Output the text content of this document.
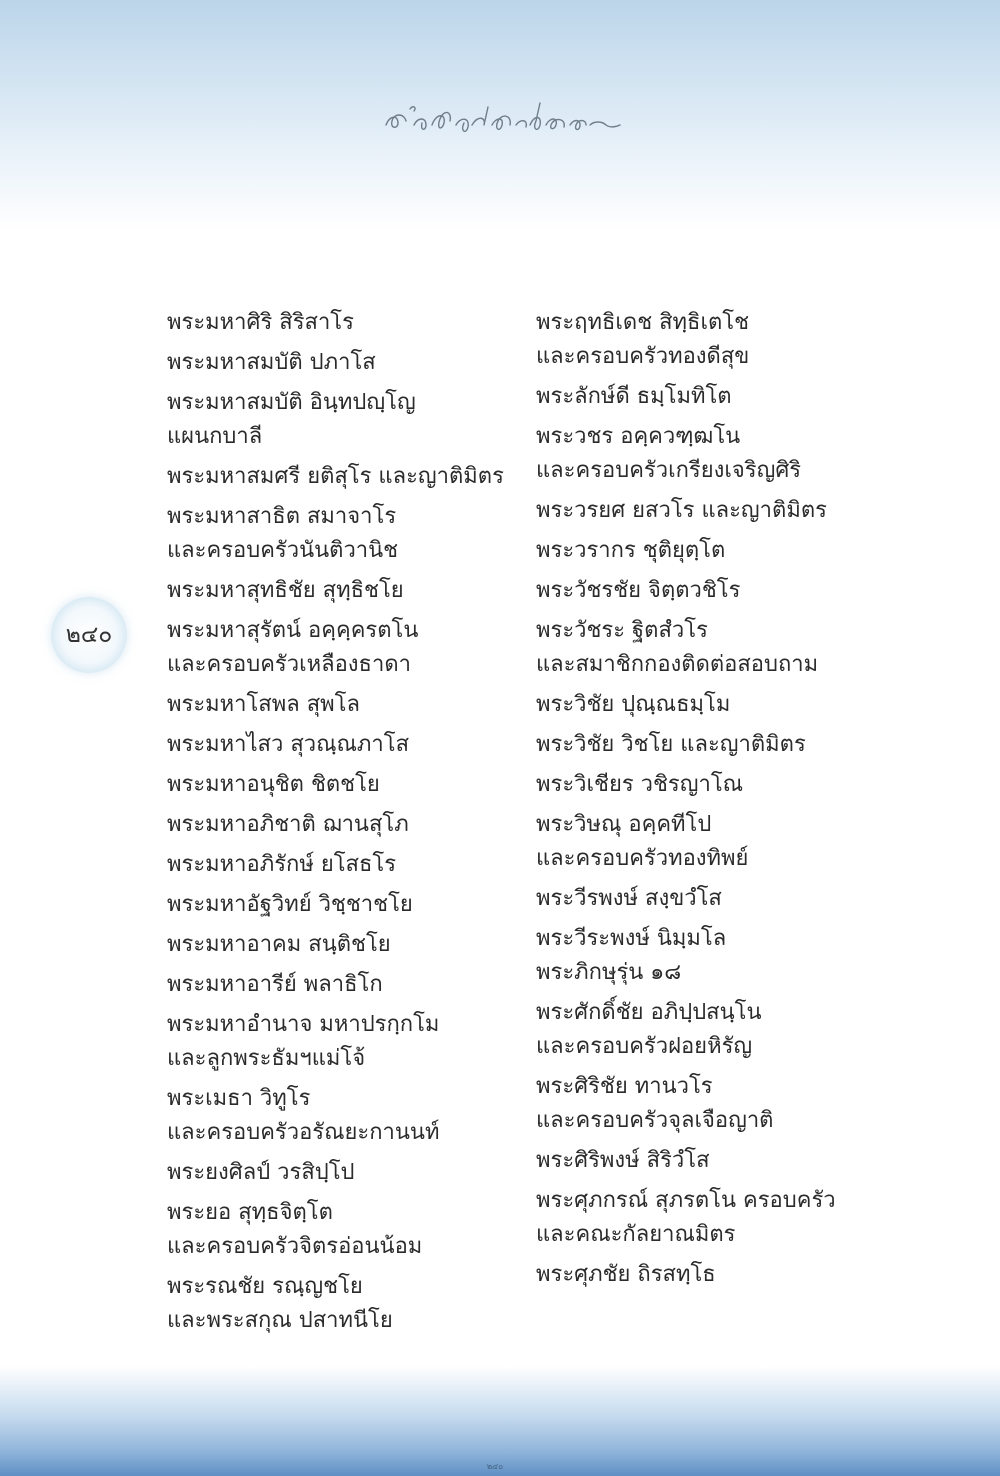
๒๔๐
พระมหาศิริ สิริสาโร
พระมหาสมบัติ ปภาโส
พระมหาสมบัติ อินฺทปญฺโญ
แผนกบาลี
พระมหาสมศรี ยติสุโร และญาติมิตร
พระมหาสาธิต สมาจาโร
และครอบครัวนันติวานิช
พระมหาสุทธิชัย สุทฺธิชโย
พระมหาสุรัตน์ อคฺคฺครตโน
และครอบครัวเหลืองธาดา
พระมหาโสพล สุพโล
พระมหาไสว สุวณฺณภาโส
พระมหาอนุชิต ชิตชโย
พระมหาอภิชาติ ฌานสุโภ
พระมหาอภิรักษ์ ยโสธโร
พระมหาอัฐวิทย์ วิชฺชาชโย
พระมหาอาคม สนฺติชโย
พระมหาอารีย์ พลาธิโก
พระมหาอำนาจ มหาปรกฺกโม
และลูกพระธัมฯแม่โจ้
พระเมธา วิทูโร
และครอบครัวอรัณยะกานนท์
พระยงศิลป์ วรสิปฺโป
พระยอ สุทฺธจิตฺโต
และครอบครัวจิตรอ่อนน้อม
พระรณชัย รณฺญชโย
และพระสกุณ ปสาทนีโย
พระฤทธิเดช สิทฺธิเตโช
และครอบครัวทองดีสุข
พระลักษ์ดี ธมฺโมทิโต
พระวชร อคฺควฑฺฒโน
และครอบครัวเกรียงเจริญศิริ
พระวรยศ ยสวโร และญาติมิตร
พระวรากร ชุติยุตฺโต
พระวัชรชัย จิตฺตวชิโร
พระวัชระ ฐิตสํวโร
และสมาชิกกองติดต่อสอบถาม
พระวิชัย ปุณฺณธมฺโม
พระวิชัย วิชโย และญาติมิตร
พระวิเชียร วชิรญาโณ
พระวิษณุ อคฺคทีโป
และครอบครัวทองทิพย์
พระวีรพงษ์ สงฺขวํโส
พระวีระพงษ์ นิมฺมโล
พระภิกษุรุ่น ๑๘
พระศักดิ์ชัย อภิปฺปสนฺโน
และครอบครัวฝอยหิรัญ
พระศิริชัย ทานวโร
และครอบครัวจุลเจือญาติ
พระศิริพงษ์ สิริวํโส
พระศุภกรณ์ สุภรตโน ครอบครัว
และคณะกัลยาณมิตร
พระศุภชัย ถิรสทฺโธ
๒๔๐
